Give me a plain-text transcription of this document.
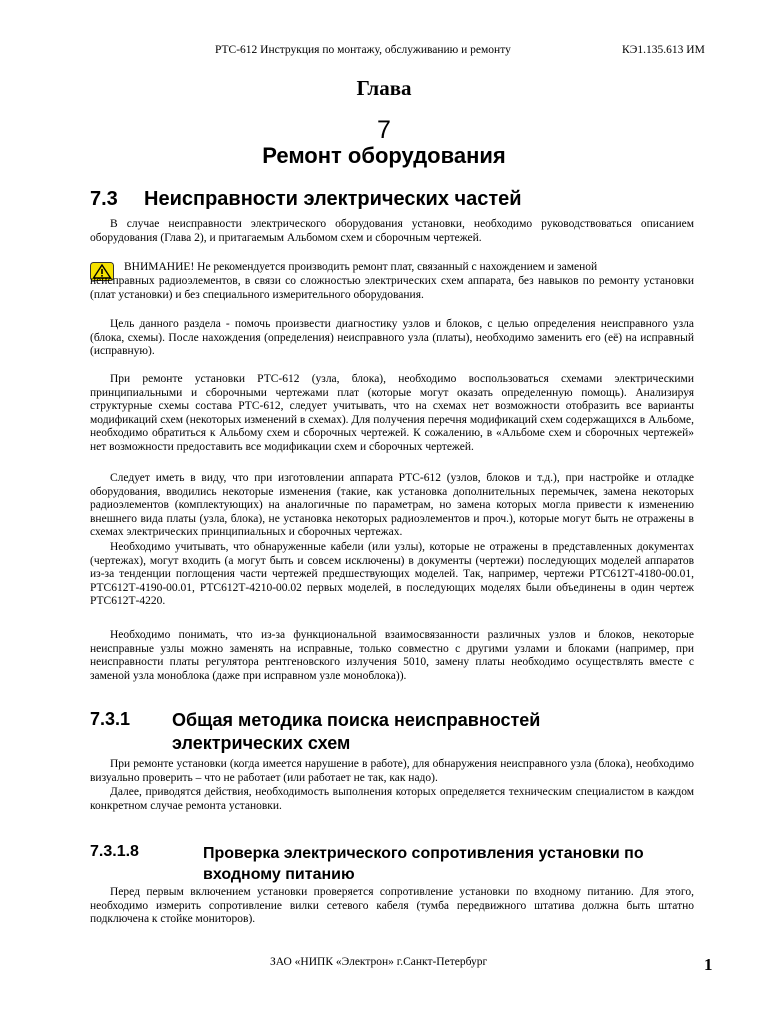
РТС-612 Инструкция по монтажу, обслуживанию и ремонту	КЭ1.135.613 ИМ
Глава
7
Ремонт оборудования
7.3 Неисправности электрических частей

В случае неисправности электрического оборудования установки, необходимо руководствоваться описанием оборудования (Глава 2), и притагаемым Альбомом схем и сборочным чертежей.

ВНИМАНИЕ! Не рекомендуется производить ремонт плат, связанный с нахождением и заменой

неисправных радиоэлементов, в связи со сложностью электрических схем аппарата, без навыков по ремонту установки (плат установки) и без специального измерительного оборудования.

Цель данного раздела - помочь произвести диагностику узлов и блоков, с целью определения неисправного узла (блока, схемы). После нахождения (определения) неисправного узла (платы), необходимо заменить его (её) на исправный (исправную).

При ремонте установки РТС-612 (узла, блока), необходимо воспользоваться схемами электрическими принципиальными и сборочными чертежами плат (которые могут оказать определенную помощь). Анализируя структурные схемы состава РТС-612, следует учитывать, что на схемах нет возможности отобразить все варианты модификаций схем (некоторых изменений в схемах). Для получения перечня модификаций схем содержащихся в Альбоме, необходимо обратиться к Альбому схем и сборочных чертежей. К сожалению, в «Альбоме схем и сборочных чертежей» нет возможности предоставить все модификации схем и сборочных чертежей.

Следует иметь в виду, что при изготовлении аппарата РТС-612 (узлов, блоков и т.д.), при настройке и отладке оборудования, вводились некоторые изменения (такие, как установка дополнительных перемычек, замена некоторых радиоэлементов (комплектующих) на аналогичные по параметрам, но замена которых могла привести к изменению внешнего вида платы (узла, блока), не установка некоторых радиоэлементов и проч.), которые могут быть не отражены в схемах электрических принципиальных и сборочных чертежах.

Необходимо учитывать, что обнаруженные кабели (или узлы), которые не отражены в представленных документах (чертежах), могут входить (а могут быть и совсем исключены) в документы (чертежи) последующих моделей аппаратов из-за тенденции поглощения части чертежей предшествующих моделей. Так, например, чертежи РТС612Т-4180-00.01, РТС612Т-4190-00.01, РТС612Т-4210-00.02 первых моделей, в последующих моделях были объединены в один чертеж РТС612Т-4220.

Необходимо понимать, что из-за функциональной взаимосвязанности различных узлов и блоков, некоторые неисправные узлы можно заменять на исправные, только совместно с другими узлами и блоками (например, при неисправности платы регулятора рентгеновского излучения 5010, замену платы необходимо осуществлять вместе с заменой узла моноблока (даже при исправном узле моноблока)).

7.3.1 Общая методика поиска неисправностей электрических схем

При ремонте установки (когда имеется нарушение в работе), для обнаружения неисправного узла (блока), необходимо визуально проверить – что не работает (или работает не так, как надо).

Далее, приводятся действия, необходимость выполнения которых определяется техническим специалистом в каждом конкретном случае ремонта установки.

7.3.1.8	Проверка электрического сопротивления установки по входному питанию

Перед первым включением установки проверяется сопротивление установки по входному питанию. Для этого, необходимо измерить сопротивление вилки сетевого кабеля (тумба передвижного штатива должна быть штатно подключена к стойке мониторов).

ЗАО «НИПК «Электрон» г.Санкт-Петербург	1
